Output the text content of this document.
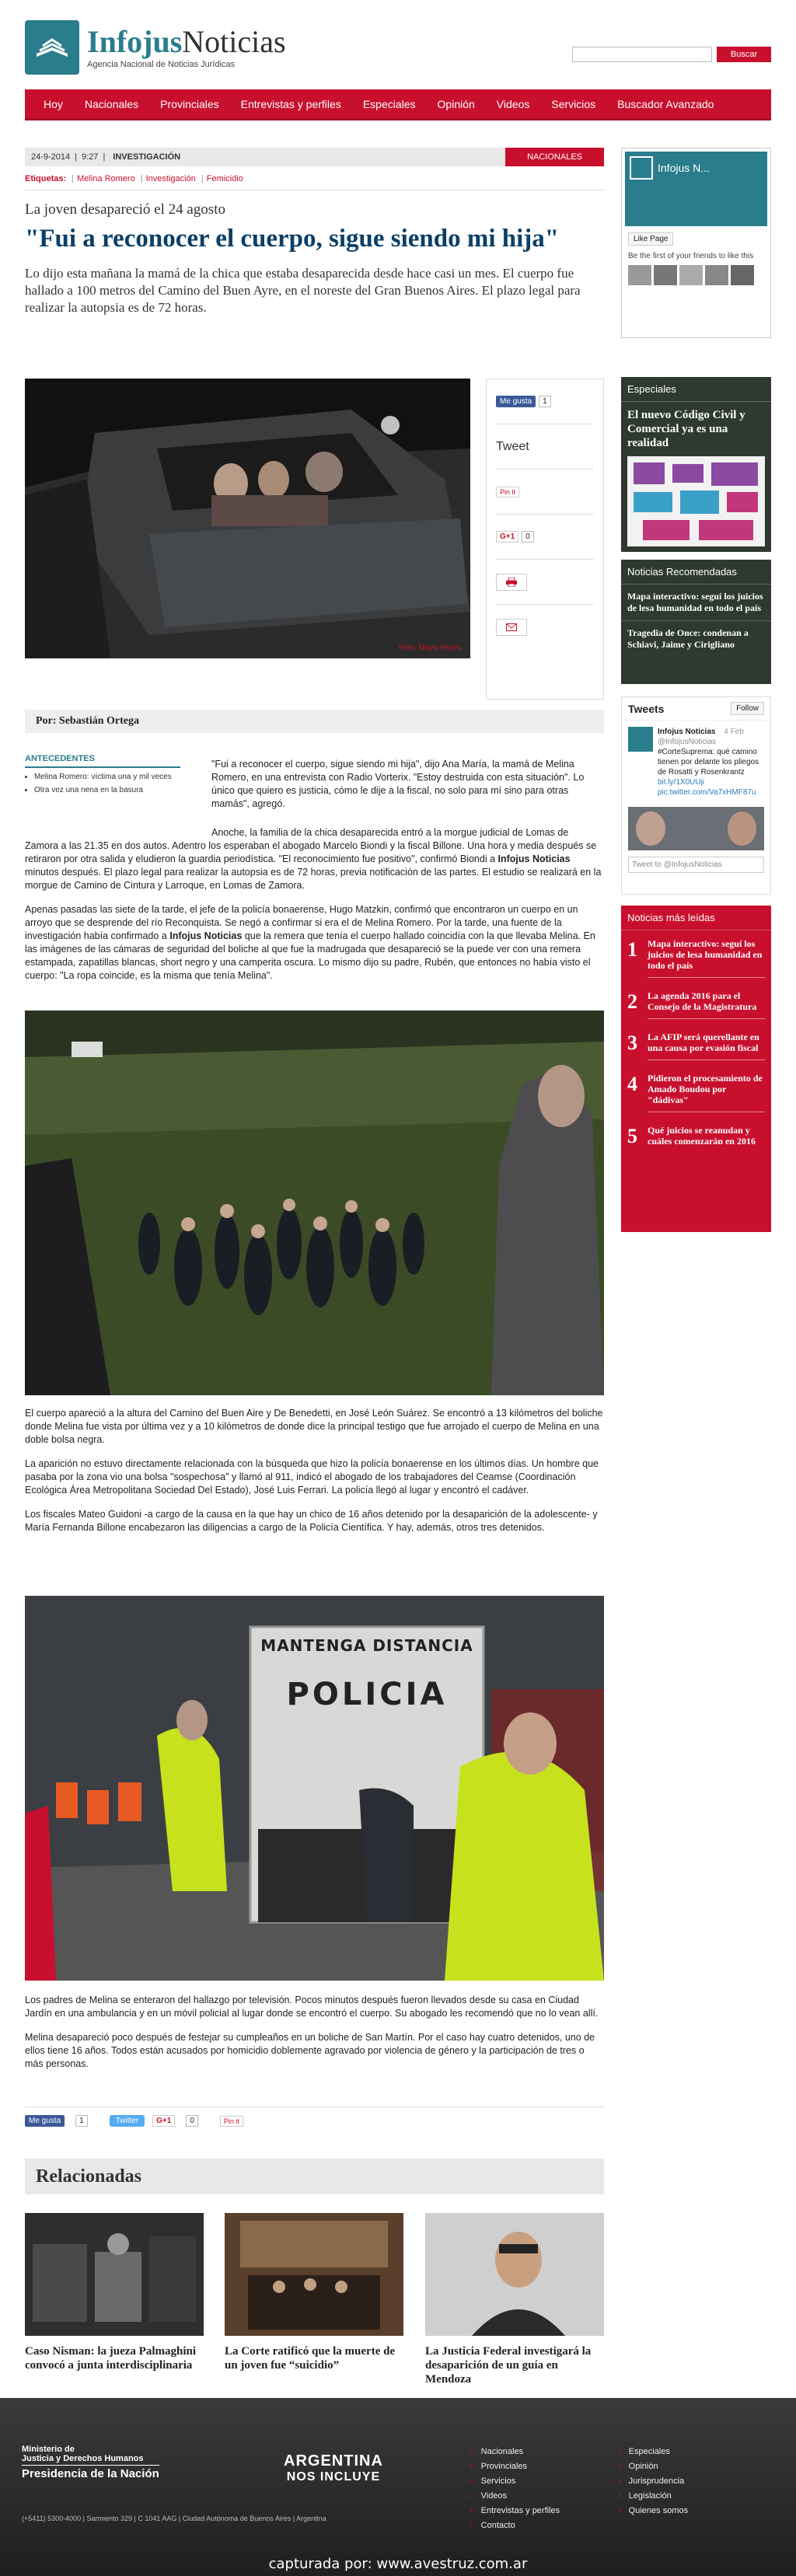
InfojusNoticias
Agencia Nacional de Noticias Jurídicas
Buscar
Hoy Nacionales Provinciales Entrevistas y perfiles Especiales Opinión Videos Servicios Buscador Avanzado
24-9-2014 | 9:27 | INVESTIGACIÓN	NACIONALES
Etiquetas: | Melina Romero | Investigación | Femicidio
La joven desapareció el 24 agosto
"Fui a reconocer el cuerpo, sigue siendo mi hija"

Lo dijo esta mañana la mamá de la chica que estaba desaparecida desde hace casi un mes. El cuerpo fue hallado a 100 metros del Camino del Buen Ayre, en el noreste del Gran Buenos Aires. El plazo legal para realizar la autopsia es de 72 horas.

Foto: Mayo Veyes
Me gusta	1
Tweet
Pin it
G+1	0
Por: Sebastián Ortega
ANTECEDENTES
• Melina Romero: víctima una y mil veces
• Otra vez una nena en la basura

"Fui a reconocer el cuerpo, sigue siendo mi hija", dijo Ana María, la mamá de Melina Romero, en una entrevista con Radio Vorterix. "Estoy destruida con esta situación". Lo único que quiero es justicia, cómo le dije a la fiscal, no solo para mí sino para otras mamás", agregó.

Anoche, la familia de la chica desaparecida entró a la morgue judicial de Lomas de Zamora a las 21.35 en dos autos. Adentro los esperaban el abogado Marcelo Biondi y la fiscal Billone. Una hora y media después se retiraron por otra salida y eludieron la guardia periodística. "El reconocimiento fue positivo", confirmó Biondi a Infojus Noticias minutos después. El plazo legal para realizar la autopsia es de 72 horas, previa notificación de las partes. El estudio se realizará en la morgue de Camino de Cintura y Larroque, en Lomas de Zamora.

Apenas pasadas las siete de la tarde, el jefe de la policía bonaerense, Hugo Matzkin, confirmó que encontraron un cuerpo en un arroyo que se desprende del río Reconquista. Se negó a confirmar si era el de Melina Romero. Por la tarde, una fuente de la investigación había confirmado a Infojus Noticias que la remera que tenía el cuerpo hallado coincidía con la que llevaba Melina. En las imágenes de las cámaras de seguridad del boliche al que fue la madrugada que desapareció se la puede ver con una remera estampada, zapatillas blancas, short negro y una camperita oscura. Lo mismo dijo su padre, Rubén, que entonces no había visto el cuerpo: "La ropa coincide, es la misma que tenía Melina".

El cuerpo apareció a la altura del Camino del Buen Aire y De Benedetti, en José León Suárez. Se encontró a 13 kilómetros del boliche donde Melina fue vista por última vez y a 10 kilómetros de donde dice la principal testigo que fue arrojado el cuerpo de Melina en una doble bolsa negra.

La aparición no estuvo directamente relacionada con la búsqueda que hizo la policía bonaerense en los últimos días. Un hombre que pasaba por la zona vio una bolsa "sospechosa" y llamó al 911, indicó el abogado de los trabajadores del Ceamse (Coordinación Ecológica Área Metropolitana Sociedad Del Estado), José Luis Ferrari. La policía llegó al lugar y encontró el cadáver.

Los fiscales Mateo Guidoni -a cargo de la causa en la que hay un chico de 16 años detenido por la desaparición de la adolescente- y María Fernanda Billone encabezaron las diligencias a cargo de la Policía Científica. Y hay, además, otros tres detenidos.

MANTENGA DISTANCIA
POLICIA

Los padres de Melina se enteraron del hallazgo por televisión. Pocos minutos después fueron llevados desde su casa en Ciudad Jardín en una ambulancia y en un móvil policial al lugar donde se encontró el cuerpo. Su abogado les recomendó que no lo vean allí.

Melina desapareció poco después de festejar su cumpleaños en un boliche de San Martín. Por el caso hay cuatro detenidos, uno de ellos tiene 16 años. Todos están acusados por homicidio doblemente agravado por violencia de género y la participación de tres o más personas.

Me gusta	1	Twitter	G+1	0	Pin it
Relacionadas
Caso Nisman: la jueza Palmaghini convocó a junta interdisciplinaria
La Corte ratificó que la muerte de un joven fue “suicidio”
La Justicia Federal investigará la desaparición de un guía en Mendoza
Infojus N...
Like Page
Be the first of your friends to like this
Especiales
El nuevo Código Civil y Comercial ya es una realidad
Noticias Recomendadas
Mapa interactivo: seguí los juicios de lesa humanidad en todo el país
Tragedia de Once: condenan a Schiavi, Jaime y Cirigliano
Tweets	Follow
Infojus Noticias 4 Feb
@InfojusNoticias
#CorteSuprema: qué camino tienen por delante los pliegos de Rosatti y Rosenkrantz bit.ly/1X0UUji pic.twitter.com/Va7xHMF87u
Tweet to @InfojusNoticias
Noticias más leídas
1	Mapa interactivo: seguí los juicios de lesa humanidad en todo el país
2	La agenda 2016 para el Consejo de la Magistratura
3	La AFIP será querellante en una causa por evasión fiscal
4	Pidieron el procesamiento de Amado Boudou por "dádivas"
5	Qué juicios se reanudan y cuáles comenzarán en 2016
Ministerio de
Justicia y Derechos Humanos
Presidencia de la Nación
ARGENTINA
NOS INCLUYE
(+5411) 5300-4000 | Sarmiento 329 | C 1041 AAG | Ciudad Autónoma de Buenos Aires | Argentina
› Nacionales
› Provinciales
› Servicios
› Videos
› Entrevistas y perfiles
› Contacto
› Especiales
› Opinión
› Jurisprudencia
› Legislación
› Quienes somos
capturada por: www.avestruz.com.ar
